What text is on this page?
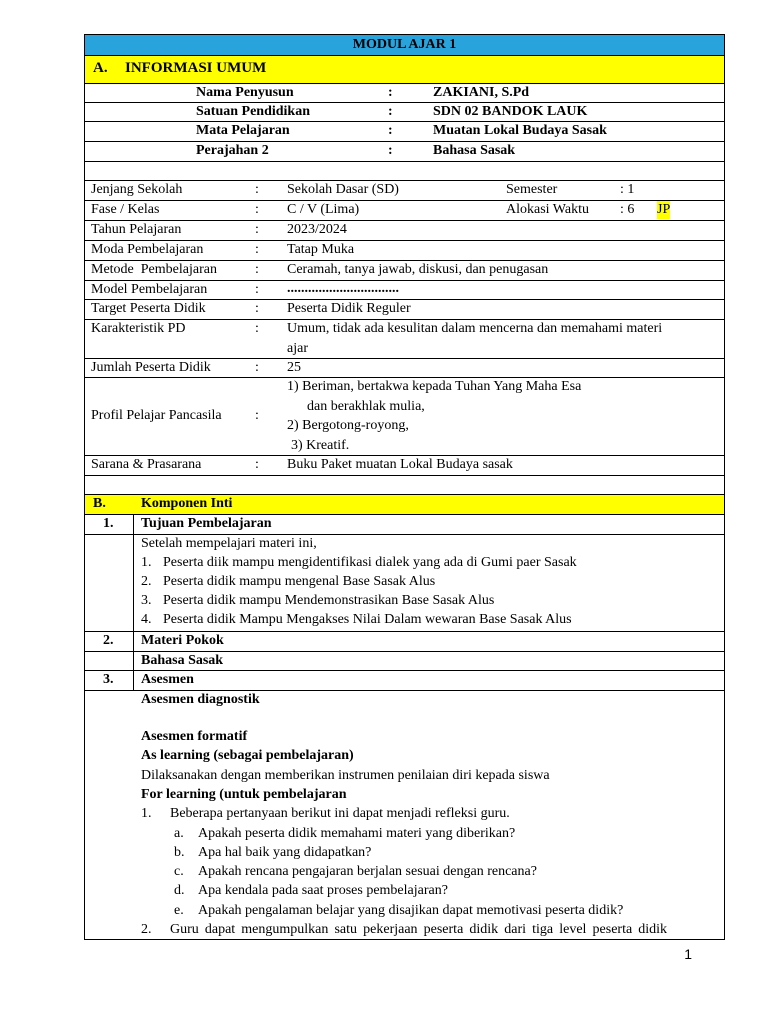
MODUL AJAR 1
A. INFORMASI UMUM
Nama Penyusun	:	ZAKIANI, S.Pd
Satuan Pendidikan	:	SDN 02 BANDOK LAUK
Mata Pelajaran	:	Muatan Lokal Budaya Sasak
Perajahan 2	:	Bahasa Sasak
Jenjang Sekolah	: Sekolah Dasar (SD)	Semester	: 1
Fase / Kelas	: C / V (Lima)	Alokasi Waktu : 6 JP
Tahun Pelajaran	: 2023/2024
Moda Pembelajaran	: Tatap Muka
Metode  Pembelajaran	: Ceramah, tanya jawab, diskusi, dan penugasan
Model Pembelajaran	: ................................
Target Peserta Didik	: Peserta Didik Reguler
Karakteristik PD	: Umum, tidak ada kesulitan dalam mencerna dan memahami materi
ajar
Jumlah Peserta Didik	: 25
Profil Pelajar Pancasila :
1) Beriman, bertakwa kepada Tuhan Yang Maha Esa
dan berakhlak mulia,
2) Bergotong-royong,
3) Kreatif.
Sarana & Prasarana	: Buku Paket muatan Lokal Budaya sasak
B.	Komponen Inti
1. Tujuan Pembelajaran
Setelah mempelajari materi ini,
1. Peserta diik mampu mengidentifikasi dialek yang ada di Gumi paer Sasak
2. Peserta didik mampu mengenal Base Sasak Alus
3. Peserta didik mampu Mendemonstrasikan Base Sasak Alus
4. Peserta didik Mampu Mengakses Nilai Dalam wewaran Base Sasak Alus
2. Materi Pokok
Bahasa Sasak
3. Asesmen
Asesmen diagnostik
Asesmen formatif
As learning (sebagai pembelajaran)
Dilaksanakan dengan memberikan instrumen penilaian diri kepada siswa
For learning (untuk pembelajaran
1. Beberapa pertanyaan berikut ini dapat menjadi refleksi guru.
a. Apakah peserta didik memahami materi yang diberikan?
b. Apa hal baik yang didapatkan?
c. Apakah rencana pengajaran berjalan sesuai dengan rencana?
d. Apa kendala pada saat proses pembelajaran?
e. Apakah pengalaman belajar yang disajikan dapat memotivasi peserta didik?
2. Guru dapat mengumpulkan satu pekerjaan peserta didik dari tiga level peserta didik
1
